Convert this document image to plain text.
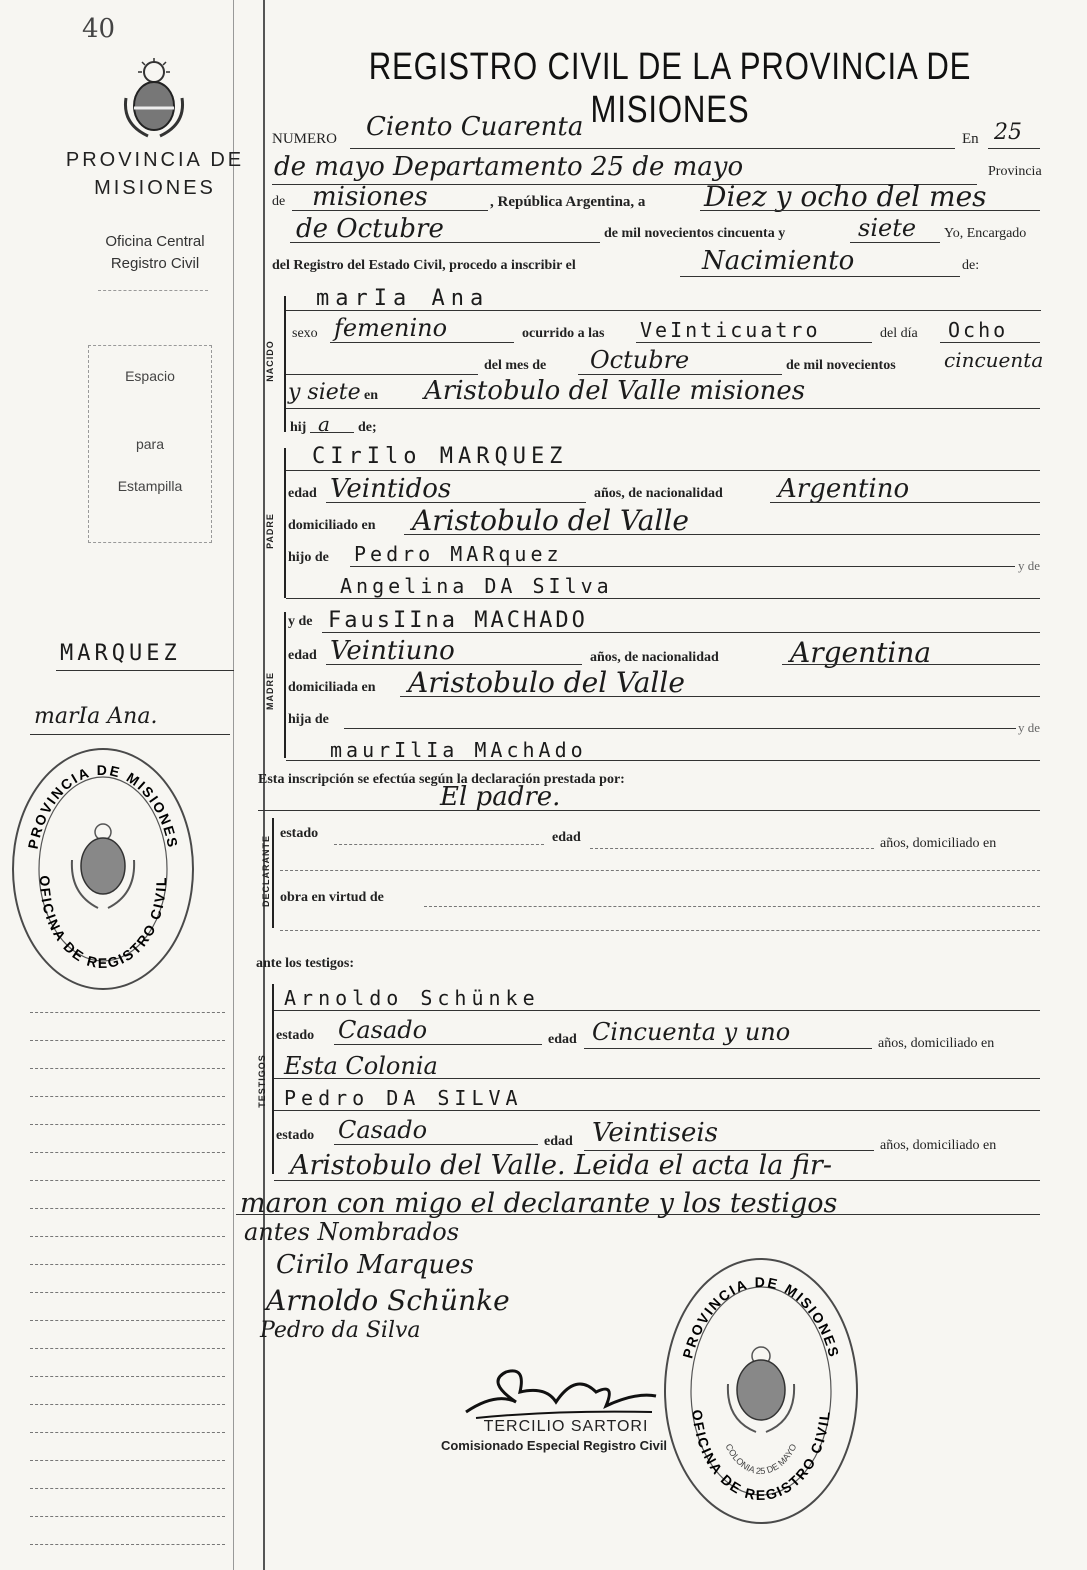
40
PROVINCIA DE MISIONES
Oficina Central
Registro Civil
Espacio
para
Estampilla
MARQUEZ
marIa Ana.
PROVINCIA DE MISIONES
OFICINA DE REGISTRO CIVIL
REGISTRO CIVIL DE LA PROVINCIA DE MISIONES
NUMERO Ciento Cuarenta	En 25
de mayo Departamento 25 de mayo	Provincia
de misiones	, República Argentina, a Diez y ocho del mes
de Octubre	de mil novecientos cincuenta y	siete Yo, Encargado
del Registro del Estado Civil, procedo a inscribir el	Nacimiento	de:
NACIDO
marIa Ana
sexo femenino	ocurrido a las VeInticuatro	del día Ocho
del mes de Octubre	de mil novecientos cincuenta
y siete en Aristobulo del Valle misiones
hij a de;
PADRE
CIrIlo MARQUEZ
edad Veintidos	años, de nacionalidad Argentino
domiciliado en Aristobulo del Valle
hijo de Pedro MARquez	y de
Angelina DA SIlva
MADRE
y de FausIIna MACHADO
edad Veintiuno	años, de nacionalidad	Argentina
domiciliada en Aristobulo del Valle
hija de
y de
maurIlIa MAchAdo
Esta inscripción se efectúa según la declaración prestada por:
El padre.
DECLARANTE
estado	edad	años, domiciliado en
obra en virtud de
ante los testigos:
TESTIGOS
Arnoldo Schünke
estado Casado	edad Cincuenta y uno	años, domiciliado en
Esta Colonia
Pedro DA SILVA
estado Casado	edad Veintiseis	años, domiciliado en
Aristobulo del Valle. Leida el acta la fir-
maron con migo el declarante y los testigos
antes Nombrados
Cirilo Marques
Arnoldo Schünke
Pedro da Silva
TERCILIO SARTORI
Comisionado Especial Registro Civil
PROVINCIA DE MISIONES
OFICINA DE REGISTRO CIVIL
COLONIA 25 DE MAYO
